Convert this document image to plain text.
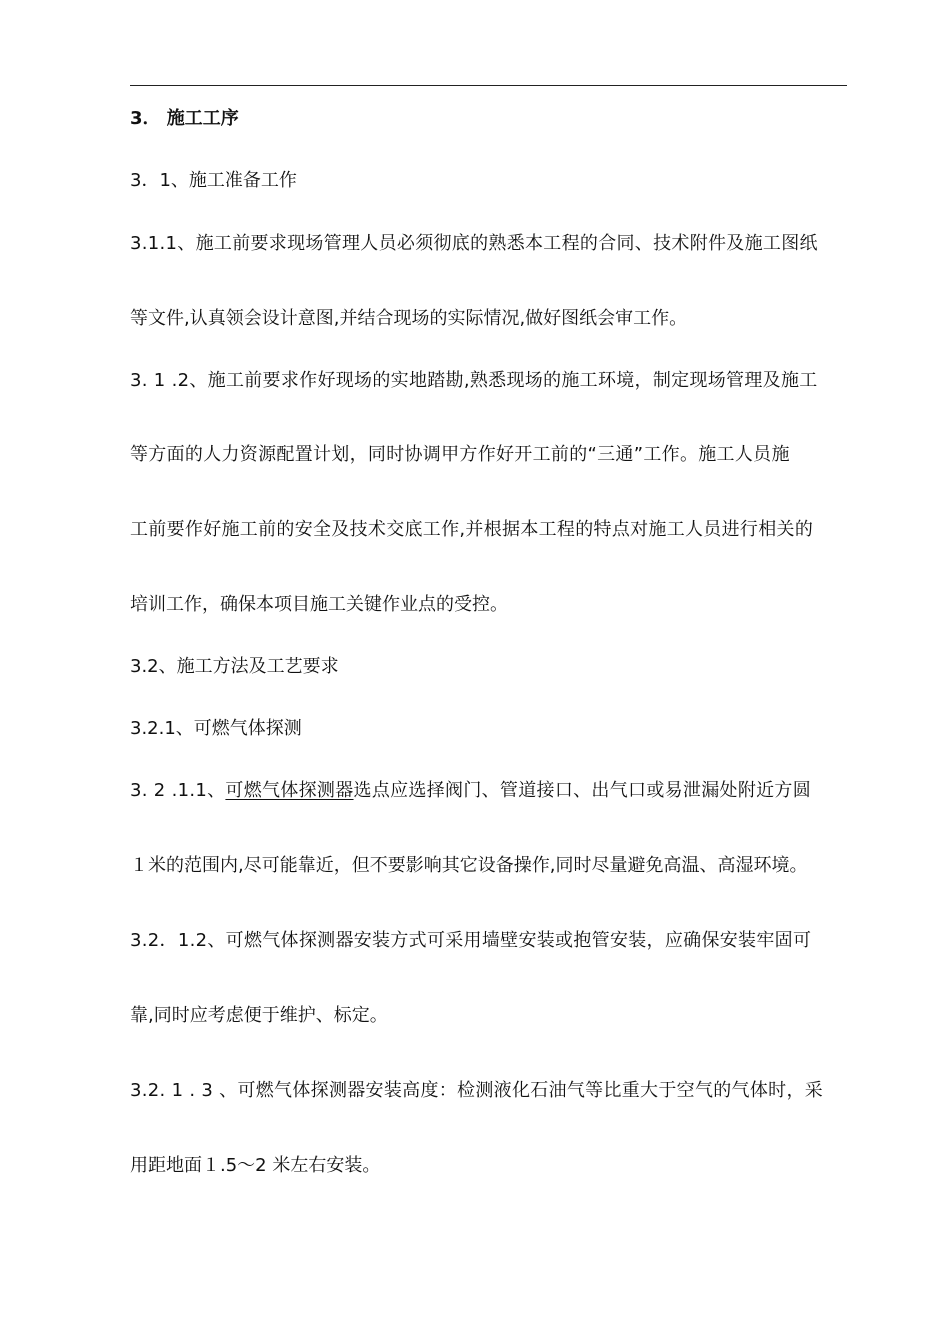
3． 施工工序
3．1、施工准备工作
3.1.1、施工前要求现场管理人员必须彻底的熟悉本工程的合同、技术附件及施工图纸
等文件,认真领会设计意图,并结合现场的实际情况,做好图纸会审工作。
3. 1 .2、施工前要求作好现场的实地踏勘,熟悉现场的施工环境，制定现场管理及施工
等方面的人力资源配置计划，同时协调甲方作好开工前的“三通”工作。施工人员施
工前要作好施工前的安全及技术交底工作,并根据本工程的特点对施工人员进行相关的
培训工作，确保本项目施工关键作业点的受控。
3.2、施工方法及工艺要求
3.2.1、可燃气体探测
3. 2 .1.1、可燃气体探测器选点应选择阀门、管道接口、出气口或易泄漏处附近方圆
１米的范围内,尽可能靠近，但不要影响其它设备操作,同时尽量避免高温、高湿环境。
3.2．1.2、可燃气体探测器安装方式可采用墙壁安装或抱管安装，应确保安装牢固可
靠,同时应考虑便于维护、标定。
3.2. 1 . 3 、可燃气体探测器安装高度：检测液化石油气等比重大于空气的气体时，采
用距地面１.5～2 米左右安装。
